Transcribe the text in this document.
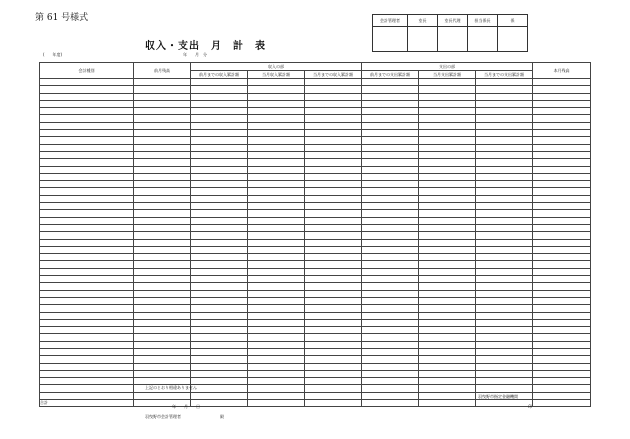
第 61 号様式
収入・支出　月　計　表
(　　年度)	年　　月　分
会計管理者	室長	室長代理	担当係長	係

会計種別	前月残高	収入の部			支出の部			本月残高
		前月までの収入累計額	当月収入累計額	当月までの収入累計額	前月までの支出累計額	当月支出累計額	当月までの支出累計額	

合計								
上記のとおり相違ありません
年　　月　　日
羽曳野市会計管理者	殿
羽曳野市指定金融機関
印
